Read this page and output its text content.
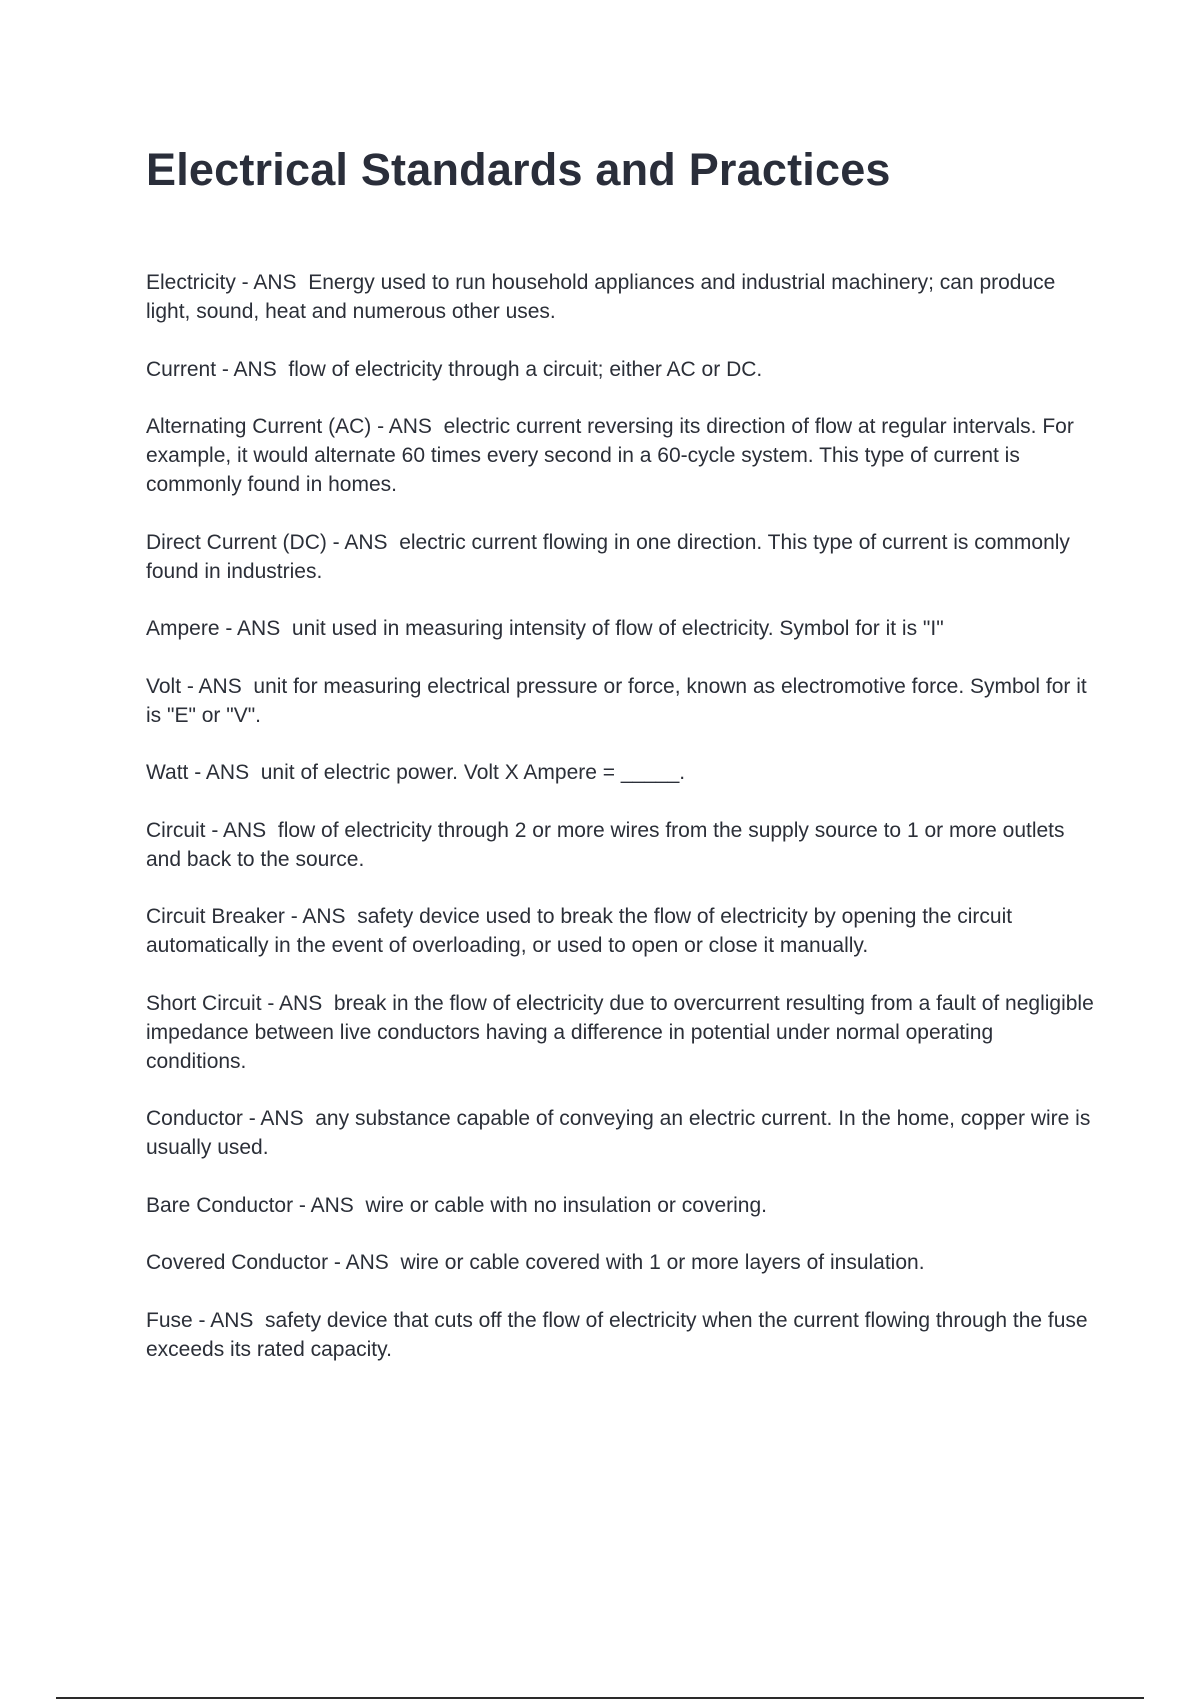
Electrical Standards and Practices
Electricity - ANS Energy used to run household appliances and industrial machinery; can produce light, sound, heat and numerous other uses.
Current - ANS flow of electricity through a circuit; either AC or DC.
Alternating Current (AC) - ANS electric current reversing its direction of flow at regular intervals. For example, it would alternate 60 times every second in a 60-cycle system. This type of current is commonly found in homes.
Direct Current (DC) - ANS electric current flowing in one direction. This type of current is commonly found in industries.
Ampere - ANS unit used in measuring intensity of flow of electricity. Symbol for it is "I"
Volt - ANS unit for measuring electrical pressure or force, known as electromotive force. Symbol for it is "E" or "V".
Watt - ANS unit of electric power. Volt X Ampere = _____.
Circuit - ANS flow of electricity through 2 or more wires from the supply source to 1 or more outlets and back to the source.
Circuit Breaker - ANS safety device used to break the flow of electricity by opening the circuit automatically in the event of overloading, or used to open or close it manually.
Short Circuit - ANS break in the flow of electricity due to overcurrent resulting from a fault of negligible impedance between live conductors having a difference in potential under normal operating conditions.
Conductor - ANS any substance capable of conveying an electric current. In the home, copper wire is usually used.
Bare Conductor - ANS wire or cable with no insulation or covering.
Covered Conductor - ANS wire or cable covered with 1 or more layers of insulation.
Fuse - ANS safety device that cuts off the flow of electricity when the current flowing through the fuse exceeds its rated capacity.
